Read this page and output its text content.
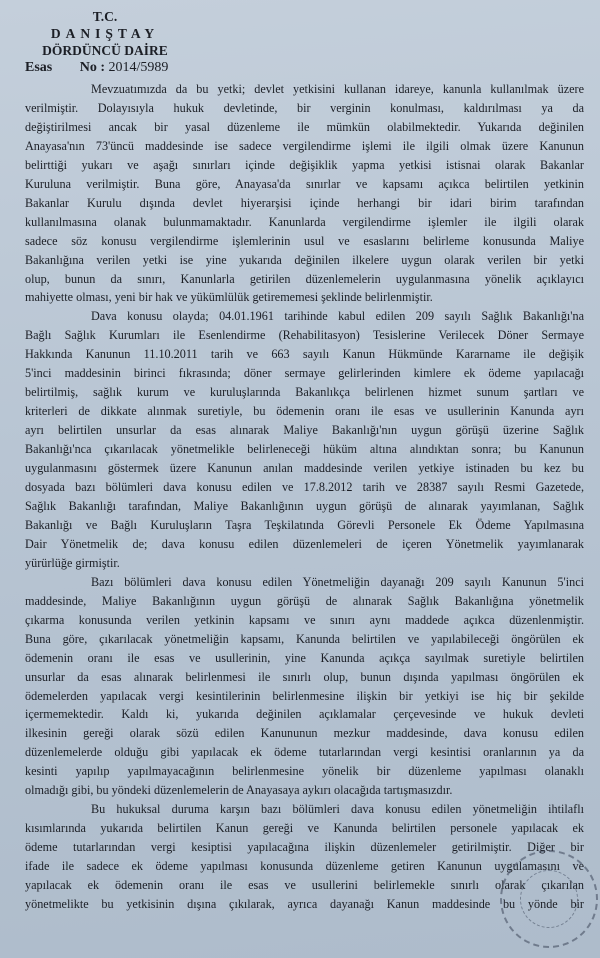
T.C.
DANIŞTAY
DÖRDÜNCÜ DAİRE
Esas No : 2014/5989
Mevzuatımızda da bu yetki; devlet yetkisini kullanan idareye, kanunla kullanılmak üzere
verilmiştir. Dolayısıyla hukuk devletinde, bir verginin konulması, kaldırılması ya da
değiştirilmesi ancak bir yasal düzenleme ile mümkün olabilmektedir. Yukarıda değinilen
Anayasa'nın 73'üncü maddesinde ise sadece vergilendirme işlemi ile ilgili olmak üzere Kanunun
belirttiği yukarı ve aşağı sınırları içinde değişiklik yapma yetkisi istisnai olarak Bakanlar
Kuruluna verilmiştir. Buna göre, Anayasa'da sınırlar ve kapsamı açıkca belirtilen yetkinin
Bakanlar Kurulu dışında devlet hiyerarşisi içinde herhangi bir idari birim tarafından
kullanılmasına olanak bulunmamaktadır. Kanunlarda vergilendirme işlemler ile ilgili olarak
sadece söz konusu vergilendirme işlemlerinin usul ve esaslarını belirleme konusunda Maliye
Bakanlığına verilen yetki ise yine yukarıda değinilen ilkelere uygun olarak verilen bir yetki
olup, bunun da sınırı, Kanunlarla getirilen düzenlemelerin uygulanmasına yönelik açıklayıcı
mahiyette olması, yeni bir hak ve yükümlülük getirememesi şeklinde belirlenmiştir.
Dava konusu olayda; 04.01.1961 tarihinde kabul edilen 209 sayılı Sağlık Bakanlığı'na
Bağlı Sağlık Kurumları ile Esenlendirme (Rehabilitasyon) Tesislerine Verilecek Döner Sermaye
Hakkında Kanunun 11.10.2011 tarih ve 663 sayılı Kanun Hükmünde Kararname ile değişik
5'inci maddesinin birinci fıkrasında; döner sermaye gelirlerinden kimlere ek ödeme yapılacağı
belirtilmiş, sağlık kurum ve kuruluşlarında Bakanlıkça belirlenen hizmet sunum şartları ve
kriterleri de dikkate alınmak suretiyle, bu ödemenin oranı ile esas ve usullerinin Kanunda ayrı
ayrı belirtilen unsurlar da esas alınarak Maliye Bakanlığı'nın uygun görüşü üzerine Sağlık
Bakanlığı'nca çıkarılacak yönetmelikle belirleneceği hüküm altına alındıktan sonra; bu Kanunun
uygulanmasını göstermek üzere Kanunun anılan maddesinde verilen yetkiye istinaden bu kez bu
dosyada bazı bölümleri dava konusu edilen ve 17.8.2012 tarih ve 28387 sayılı Resmi Gazetede,
Sağlık Bakanlığı tarafından, Maliye Bakanlığının uygun görüşü de alınarak yayımlanan, Sağlık
Bakanlığı ve Bağlı Kuruluşların Taşra Teşkilatında Görevli Personele Ek Ödeme Yapılmasına
Dair Yönetmelik de; dava konusu edilen düzenlemeleri de içeren Yönetmelik yayımlanarak
yürürlüğe girmiştir.
Bazı bölümleri dava konusu edilen Yönetmeliğin dayanağı 209 sayılı Kanunun 5'inci
maddesinde, Maliye Bakanlığının uygun görüşü de alınarak Sağlık Bakanlığına yönetmelik
çıkarma konusunda verilen yetkinin kapsamı ve sınırı aynı maddede açıkca düzenlenmiştir.
Buna göre, çıkarılacak yönetmeliğin kapsamı, Kanunda belirtilen ve yapılabileceği öngörülen ek
ödemenin oranı ile esas ve usullerinin, yine Kanunda açıkça sayılmak suretiyle belirtilen
unsurlar da esas alınarak belirlenmesi ile sınırlı olup, bunun dışında yapılması öngörülen ek
ödemelerden yapılacak vergi kesintilerinin belirlenmesine ilişkin bir yetkiyi ise hiç bir şekilde
içermemektedir. Kaldı ki, yukarıda değinilen açıklamalar çerçevesinde ve hukuk devleti
ilkesinin gereği olarak sözü edilen Kanununun mezkur maddesinde, dava konusu edilen
düzenlemelerde olduğu gibi yapılacak ek ödeme tutarlarından vergi kesintisi oranlarının ya da
kesinti yapılıp yapılmayacağının belirlenmesine yönelik bir düzenleme yapılması olanaklı
olmadığı gibi, bu yöndeki düzenlemelerin de Anayasaya aykırı olacağıda tartışmasızdır.
Bu hukuksal duruma karşın bazı bölümleri dava konusu edilen yönetmeliğin ihtilaflı
kısımlarında yukarıda belirtilen Kanun gereği ve Kanunda belirtilen personele yapılacak ek
ödeme tutarlarından vergi kesiptisi yapılacağına ilişkin düzenlemeler getirilmiştir. Diğer bir
ifade ile sadece ek ödeme yapılması konusunda düzenleme getiren Kanunun uygulamasını ve
yapılacak ek ödemenin oranı ile esas ve usullerini belirlemekle sınırlı olarak çıkarılan
yönetmelikte bu yetkisinin dışına çıkılarak, ayrıca dayanağı Kanun maddesinde bu yönde bir
